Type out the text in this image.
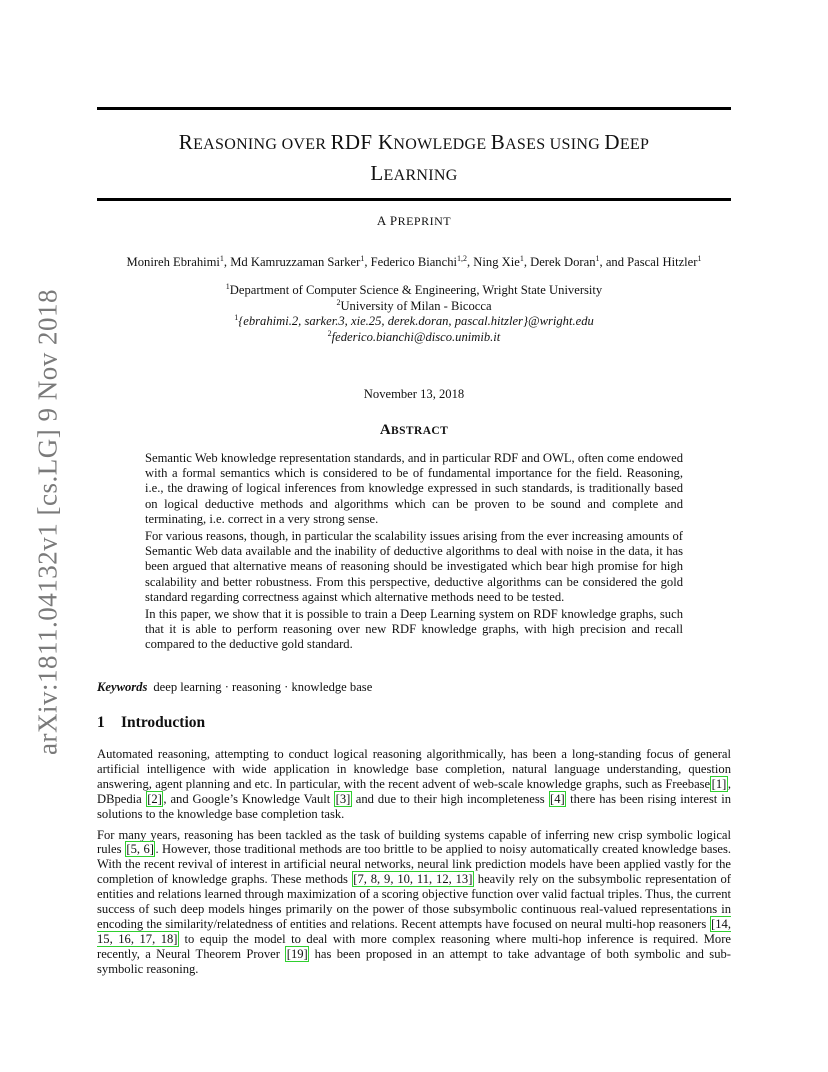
arXiv:1811.04132v1 [cs.LG] 9 Nov 2018
REASONING OVER RDF KNOWLEDGE BASES USING DEEP
LEARNING
A PREPRINT
Monireh Ebrahimi$^1$, Md Kamruzzaman Sarker$^1$, Federico Bianchi$^{1,2}$, Ning Xie$^1$, Derek Doran$^1$, and Pascal Hitzler$^1$
$^1$Department of Computer Science & Engineering, Wright State University
$^2$University of Milan - Bicocca
$^1${ebrahimi.2, sarker.3, xie.25, derek.doran, pascal.hitzler}@wright.edu
$^2$federico.bianchi@disco.unimib.it
November 13, 2018
ABSTRACT

Semantic Web knowledge representation standards, and in particular RDF and OWL, often come endowed with a formal semantics which is considered to be of fundamental importance for the field. Reasoning, i.e., the drawing of logical inferences from knowledge expressed in such standards, is traditionally based on logical deductive methods and algorithms which can be proven to be sound and complete and terminating, i.e. correct in a very strong sense.

For various reasons, though, in particular the scalability issues arising from the ever increasing amounts of Semantic Web data available and the inability of deductive algorithms to deal with noise in the data, it has been argued that alternative means of reasoning should be investigated which bear high promise for high scalability and better robustness. From this perspective, deductive algorithms can be considered the gold standard regarding correctness against which alternative methods need to be tested.

In this paper, we show that it is possible to train a Deep Learning system on RDF knowledge graphs, such that it is able to perform reasoning over new RDF knowledge graphs, with high precision and recall compared to the deductive gold standard.

Keywords deep learning · reasoning · knowledge base
1 Introduction

Automated reasoning, attempting to conduct logical reasoning algorithmically, has been a long-standing focus of general artificial intelligence with wide application in knowledge base completion, natural language understanding, question answering, agent planning and etc. In particular, with the recent advent of web-scale knowledge graphs, such as Freebase [1] , DBpedia [2] , and Google’s Knowledge Vault [3] and due to their high incompleteness [4] there has been rising interest in solutions to the knowledge base completion task.

For many years, reasoning has been tackled as the task of building systems capable of inferring new crisp symbolic logical rules [5, 6] . However, those traditional methods are too brittle to be applied to noisy automatically created knowledge bases. With the recent revival of interest in artificial neural networks, neural link prediction models have been applied vastly for the completion of knowledge graphs. These methods [7, 8, 9, 10, 11, 12, 13] heavily rely on the subsymbolic representation of entities and relations learned through maximization of a scoring objective function over valid factual triples. Thus, the current success of such deep models hinges primarily on the power of those subsymbolic continuous real-valued representations in encoding the similarity/relatedness of entities and relations. Recent attempts have focused on neural multi-hop reasoners [14, 15, 16, 17, 18] to equip the model to deal with more complex reasoning where multi-hop inference is required. More recently, a Neural Theorem Prover [19] has been proposed in an attempt to take advantage of both symbolic and sub-symbolic reasoning.
